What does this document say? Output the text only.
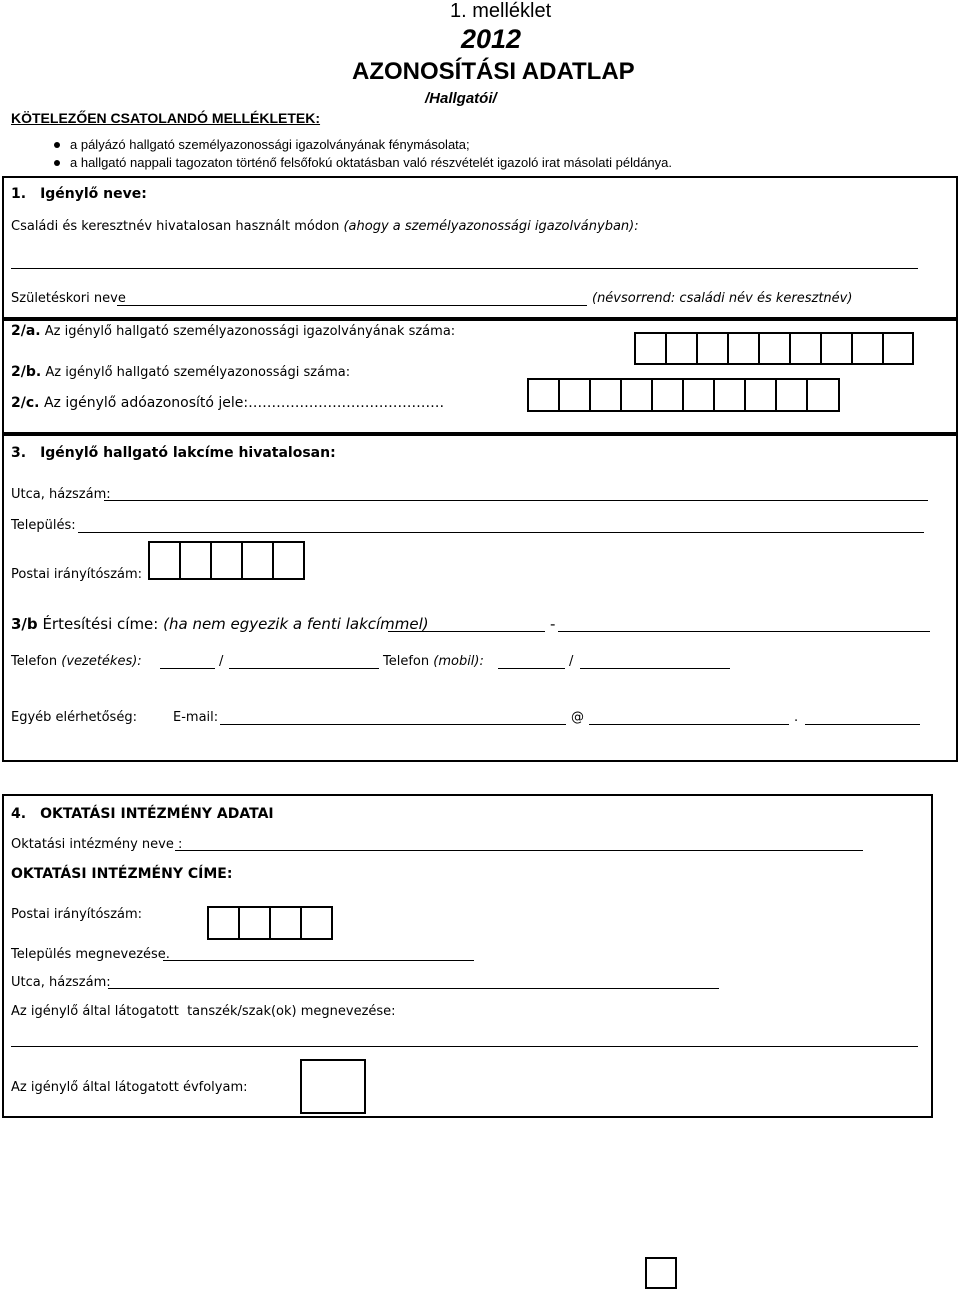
1. melléklet
2012
AZONOSÍTÁSI ADATLAP
/Hallgatói/
KÖTELEZŐEN CSATOLANDÓ MELLÉKLETEK:
a pályázó hallgató személyazonossági igazolványának fénymásolata;
a hallgató nappali tagozaton történő felsőfokú oktatásban való részvételét igazoló irat másolati példánya.
1. Igénylő neve:
Családi és keresztnév hivatalosan használt módon (ahogy a személyazonossági igazolványban):
Születéskori neve	(névsorrend: családi név és keresztnév)
2/a. Az igénylő hallgató személyazonossági igazolványának száma:
2/b. Az igénylő hallgató személyazonossági száma:
2/c. Az igénylő adóazonosító jele:……………………………………
3. Igénylő hallgató lakcíme hivatalosan:
Utca, házszám:
Település:
Postai irányítószám:
3/b Értesítési címe: (ha nem egyezik a fenti lakcímmel)	-
Telefon (vezetékes):	/	Telefon (mobil):	/
Egyéb elérhetőség:	E-mail:	@	.
4. OKTATÁSI INTÉZMÉNY ADATAI
Oktatási intézmény neve :
OKTATÁSI INTÉZMÉNY CÍME:
Postai irányítószám:
Település megnevezése.
Utca, házszám:
Az igénylő által látogatott  tanszék/szak(ok) megnevezése:
Az igénylő által látogatott évfolyam:
